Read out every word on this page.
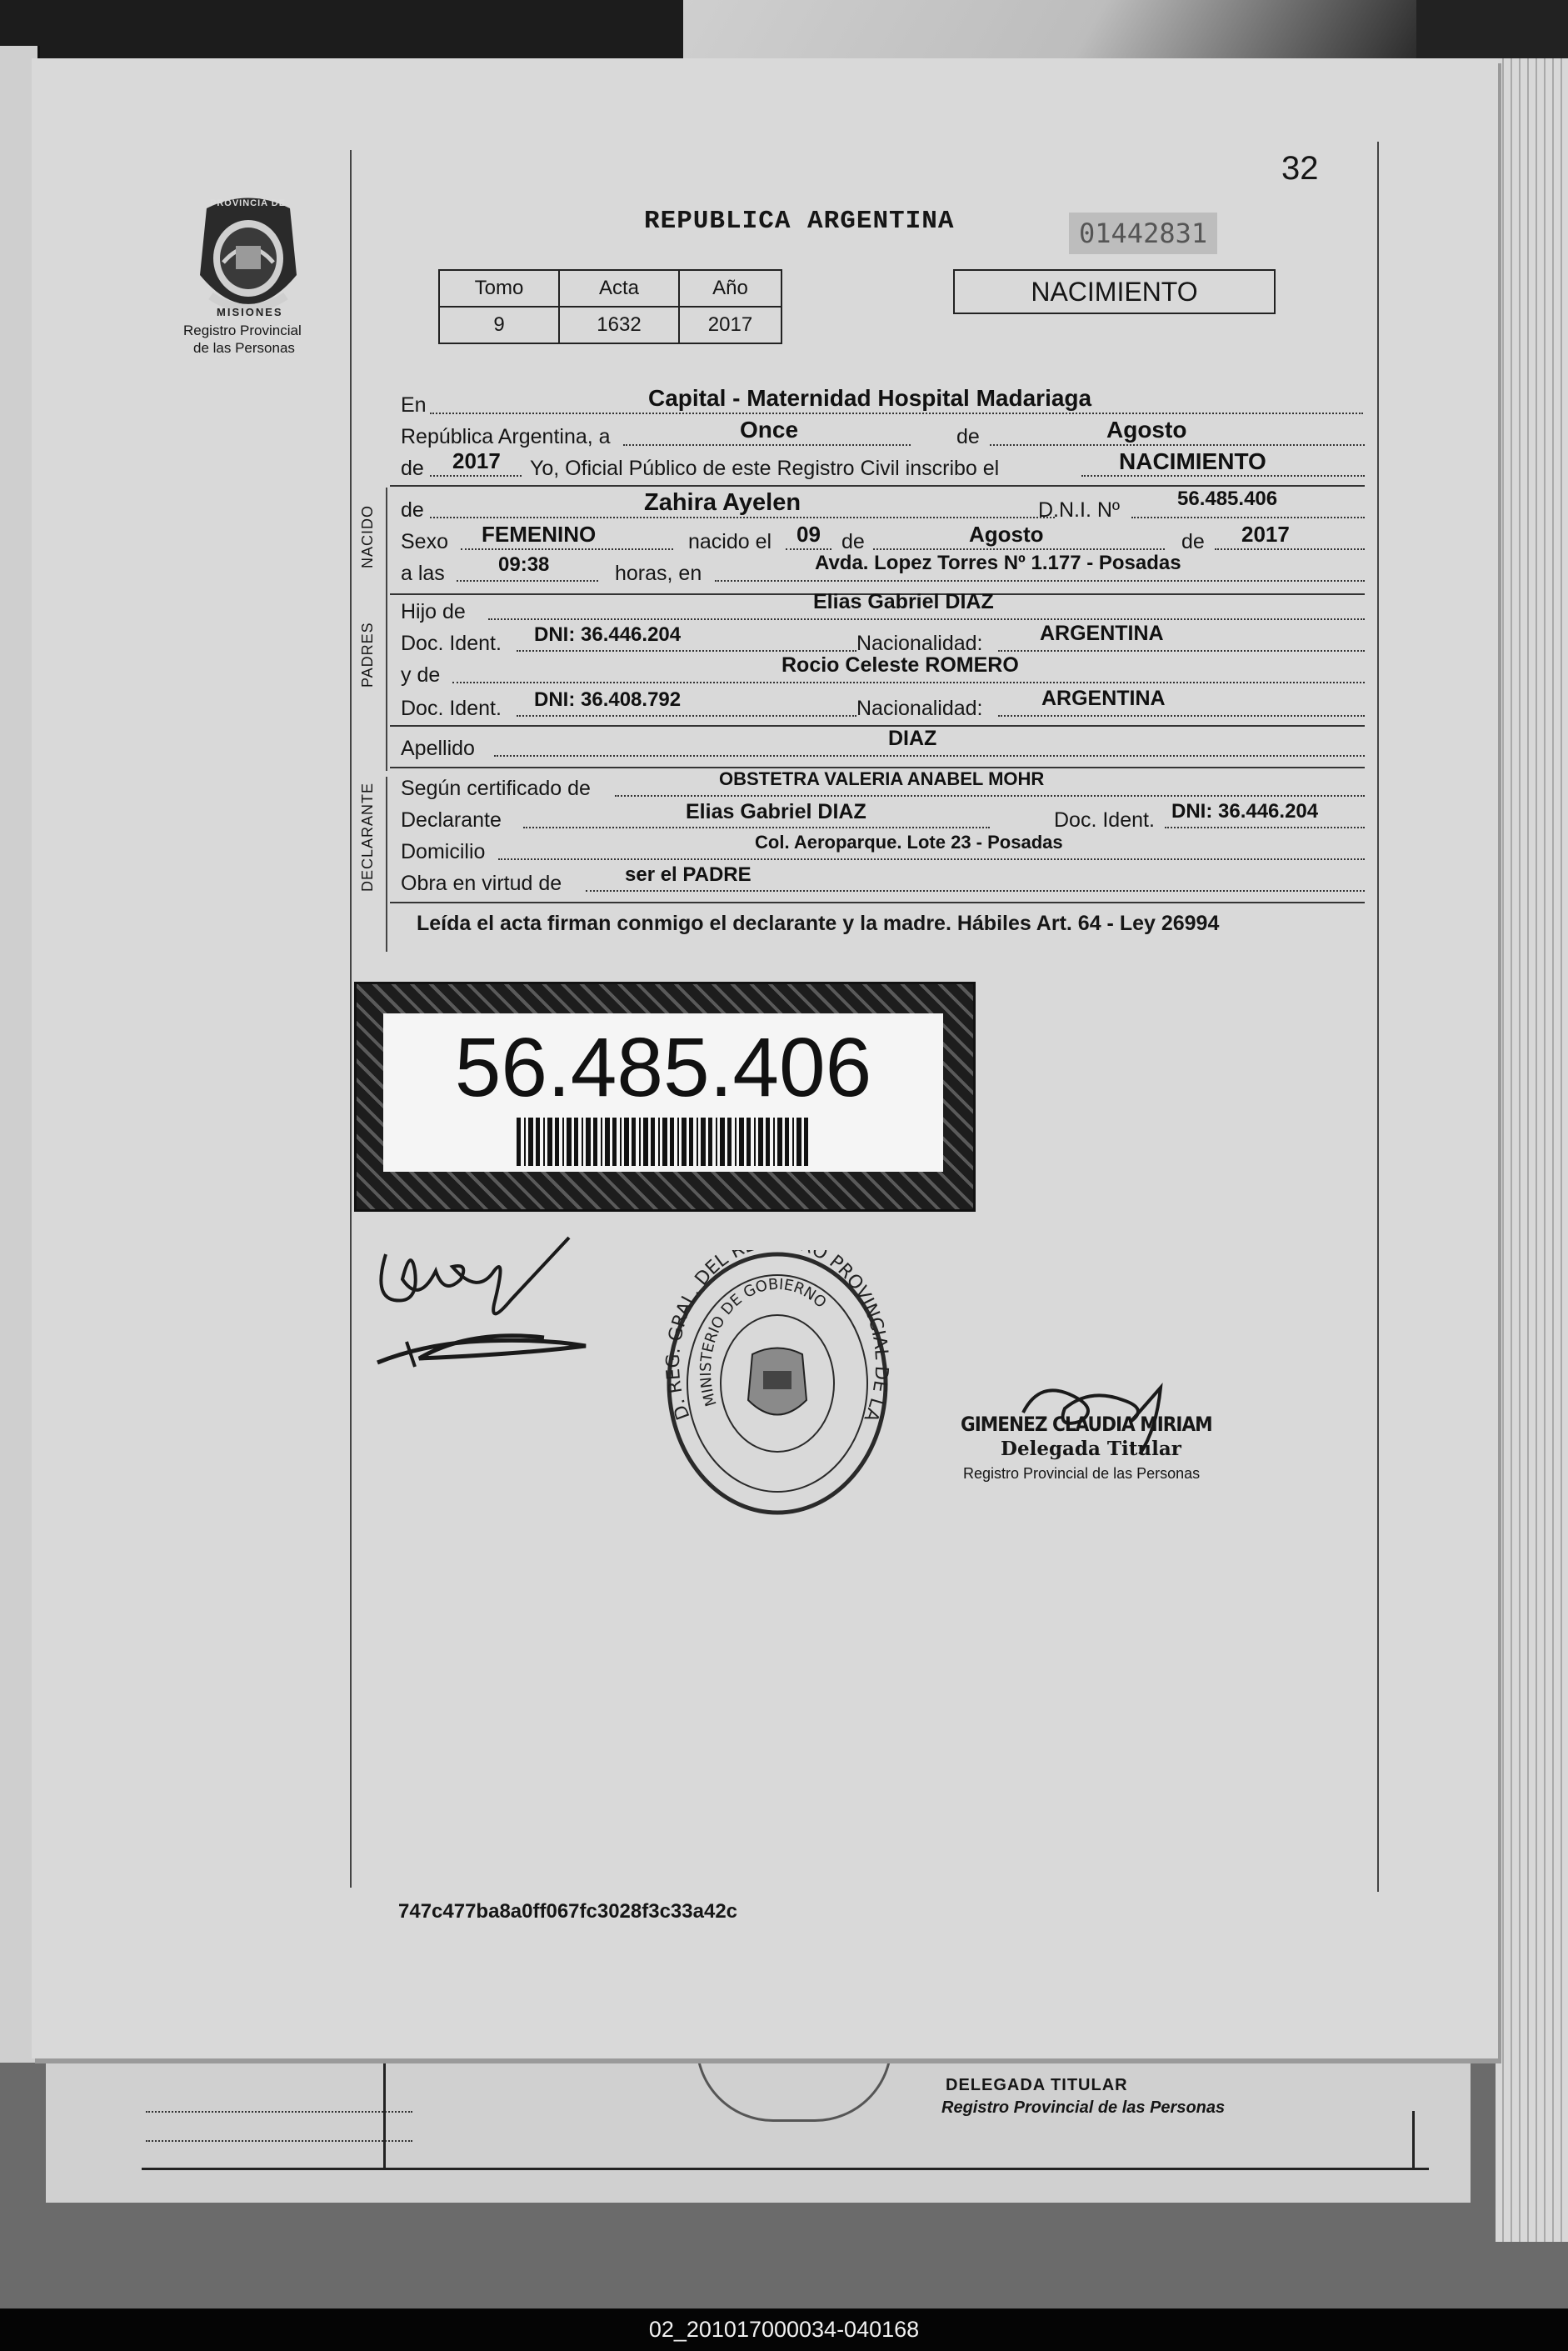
DELEGADA TITULAR
Registro Provincial de las Personas
32
PROVINCIA DE
MISIONES
Registro Provincial
de las Personas
REPUBLICA ARGENTINA	01442831
Tomo	Acta	Año
9	1632	2017
NACIMIENTO
En	Capital - Maternidad Hospital Madariaga
República Argentina, a	Once	de	Agosto
de 2017 Yo, Oficial Público de este Registro Civil inscribo el	NACIMIENTO
NACIDO de	Zahira Ayelen	D.N.I. Nº	56.485.406
Sexo FEMENINO	nacido el 09 de	Agosto	de 2017
a las	09:38	horas, en	Avda. Lopez Torres Nº 1.177 - Posadas
PADRES
Hijo de	Elias Gabriel DIAZ
Doc. Ident. DNI: 36.446.204	Nacionalidad:	ARGENTINA
y de	Rocio Celeste ROMERO
Doc. Ident. DNI: 36.408.792	Nacionalidad:	ARGENTINA
Apellido	DIAZ
DECLARANTE Según certificado de	OBSTETRA VALERIA ANABEL MOHR
Declarante	Elias Gabriel DIAZ	Doc. Ident. DNI: 36.446.204
Domicilio	Col. Aeroparque. Lote 23 - Posadas
Obra en virtud de	ser el PADRE
Leída el acta firman conmigo el declarante y la madre. Hábiles Art. 64 - Ley 26994
56.485.406
D. REG. GRAL. DEL R O PROVINCIAL DE LA
MINISTERIO DE GOBIERNO
GIMENEZ CLAUDIA MIRIAM
Delegada Titular
Registro Provincial de las Personas
747c477ba8a0ff067fc3028f3c33a42c
02_201017000034-040168
